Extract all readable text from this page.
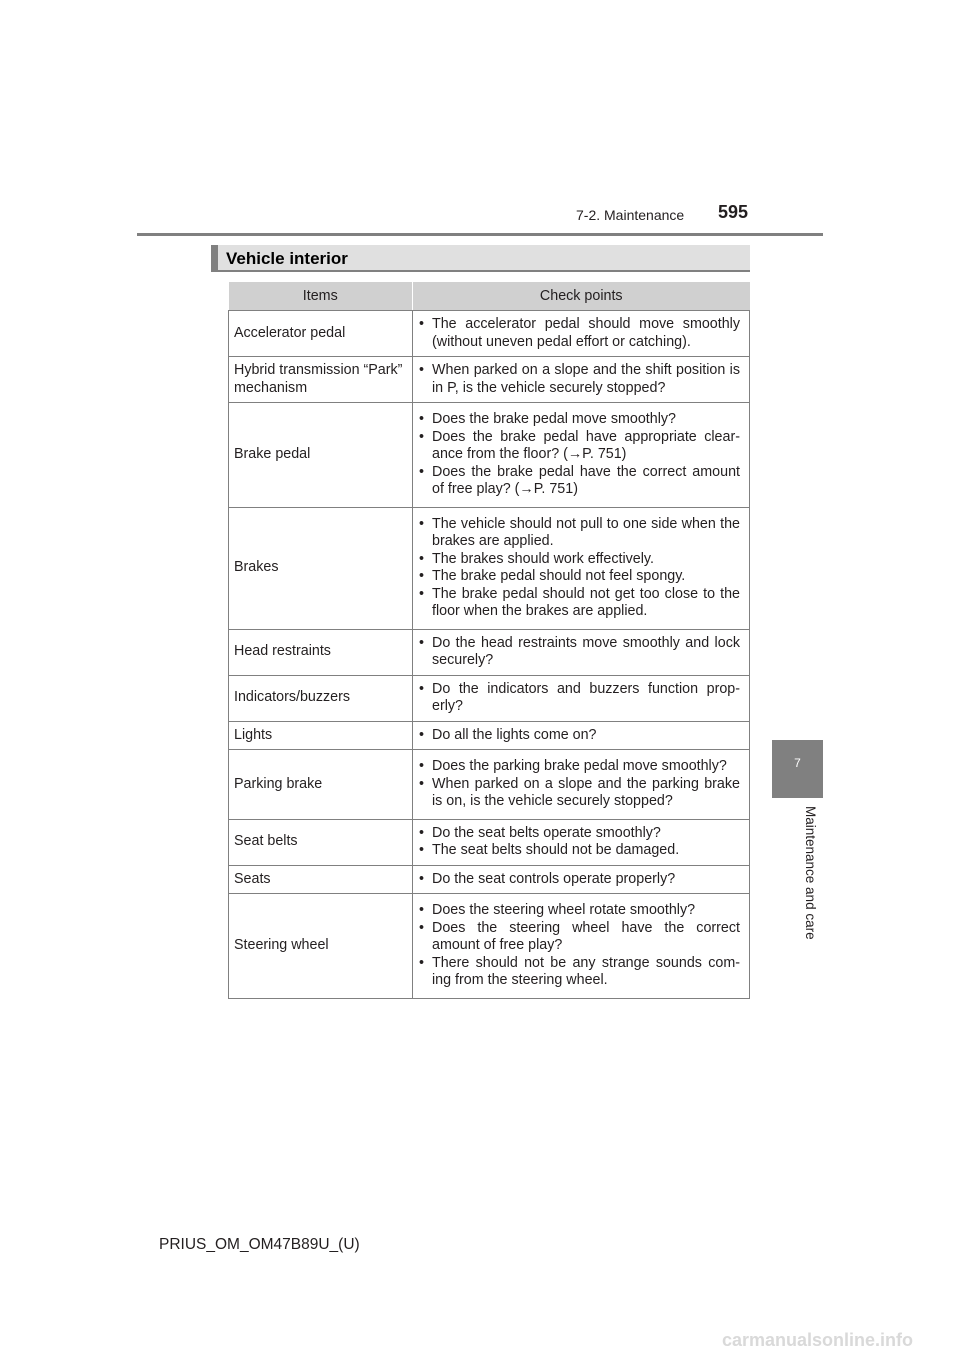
7-2. Maintenance 595
Vehicle interior
Items	Check points
Accelerator pedal	• The accelerator pedal should move smoothly (without uneven pedal effort or catching).

Hybrid transmission “Park” mechanism	• When parked on a slope and the shift position is in P, is the vehicle securely stopped?

Brake pedal	• Does the brake pedal move smoothly?
• Does the brake pedal have appropriate clear-ance from the floor? (→P. 751)
• Does the brake pedal have the correct amount of free play? (→P. 751)

Brakes	• The vehicle should not pull to one side when the brakes are applied.
• The brakes should work effectively.
• The brake pedal should not feel spongy.
• The brake pedal should not get too close to the floor when the brakes are applied.

Head restraints	• Do the head restraints move smoothly and lock securely?

Indicators/buzzers	• Do the indicators and buzzers function prop-erly?

Lights	• Do all the lights come on?

Parking brake	• Does the parking brake pedal move smoothly?
• When parked on a slope and the parking brake is on, is the vehicle securely stopped?

Seat belts	• Do the seat belts operate smoothly?
• The seat belts should not be damaged.

Seats	• Do the seat controls operate properly?

Steering wheel	• Does the steering wheel rotate smoothly?
• Does the steering wheel have the correct amount of free play?
• There should not be any strange sounds com-ing from the steering wheel.
7
Maintenance and care
PRIUS_OM_OM47B89U_(U)
carmanualsonline.info
